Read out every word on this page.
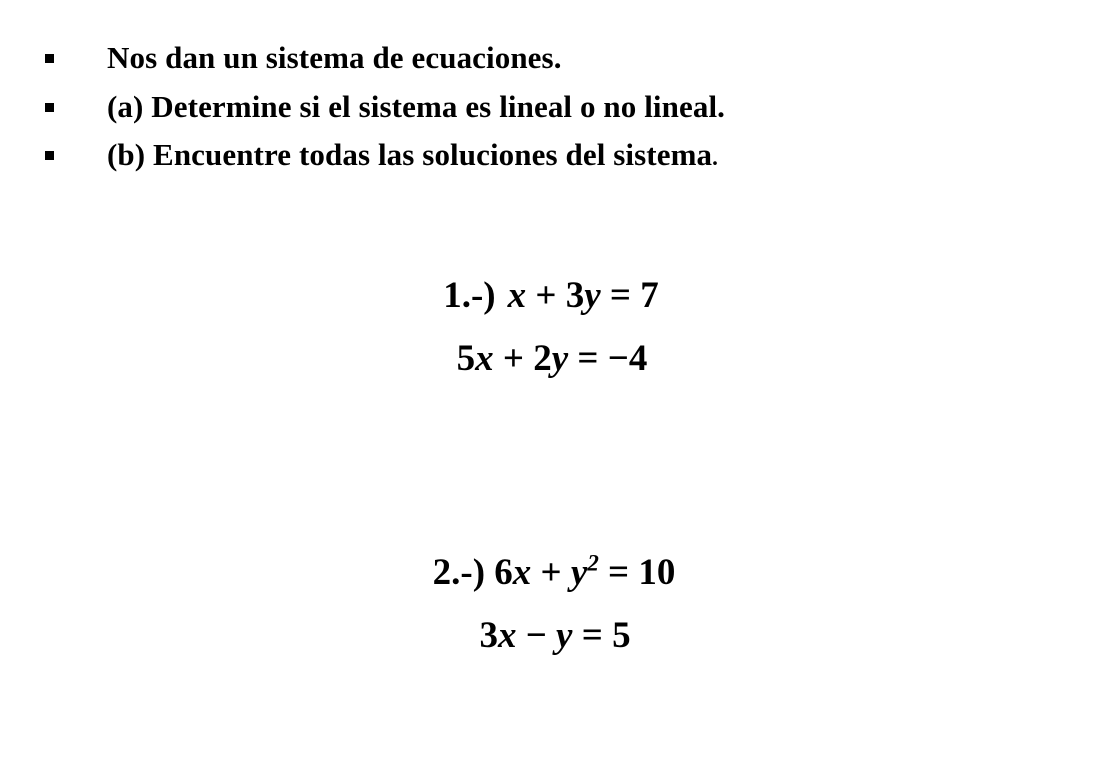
Nos dan un sistema de ecuaciones.
(a) Determine si el sistema es lineal o no lineal.
(b) Encuentre todas las soluciones del sistema.
1.-) x + 3y = 7
5x + 2y = −4
2.-) $6x + y^2 = 10$
3x − y = 5
